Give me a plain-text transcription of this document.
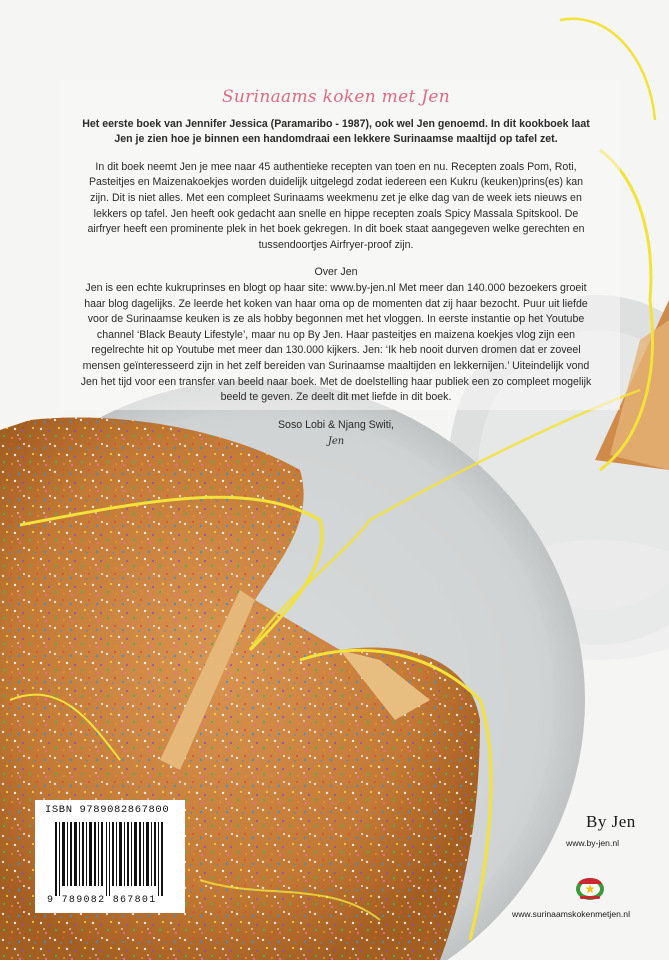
Surinaams koken met Jen

Het eerste boek van Jennifer Jessica (Paramaribo - 1987), ook wel Jen genoemd. In dit kookboek laat Jen je zien hoe je binnen een handomdraai een lekkere Surinaamse maaltijd op tafel zet.

In dit boek neemt Jen je mee naar 45 authentieke recepten van toen en nu. Recepten zoals Pom, Roti, Pasteitjes en Maizenakoekjes worden duidelijk uitgelegd zodat iedereen een Kukru (keuken)prins(es) kan zijn. Dit is niet alles. Met een compleet Surinaams weekmenu zet je elke dag van de week iets nieuws en lekkers op tafel. Jen heeft ook gedacht aan snelle en hippe recepten zoals Spicy Massala Spitskool. De airfryer heeft een prominente plek in het boek gekregen. In dit boek staat aangegeven welke gerechten en tussendoortjes Airfryer-proof zijn.

Over Jen

Jen is een echte kukruprinses en blogt op haar site: www.by-jen.nl Met meer dan 140.000 bezoekers groeit haar blog dagelijks. Ze leerde het koken van haar oma op de momenten dat zij haar bezocht. Puur uit liefde voor de Surinaamse keuken is ze als hobby begonnen met het vloggen. In eerste instantie op het Youtube channel ‘Black Beauty Lifestyle’, maar nu op By Jen. Haar pasteitjes en maizena koekjes vlog zijn een regelrechte hit op Youtube met meer dan 130.000 kijkers. Jen: ‘Ik heb nooit durven dromen dat er zoveel mensen geïnteresseerd zijn in het zelf bereiden van Surinaamse maaltijden en lekkernijen.’ Uiteindelijk vond Jen het tijd voor een transfer van beeld naar boek. Met de doelstelling haar publiek een zo compleet mogelijk beeld te geven. Ze deelt dit met liefde in dit boek.

Soso Lobi & Njang Switi,

Jen
ISBN 9789082867800
9 789082 867801
By Jen
www.by-jen.nl
www.surinaamskokenmetjen.nl
